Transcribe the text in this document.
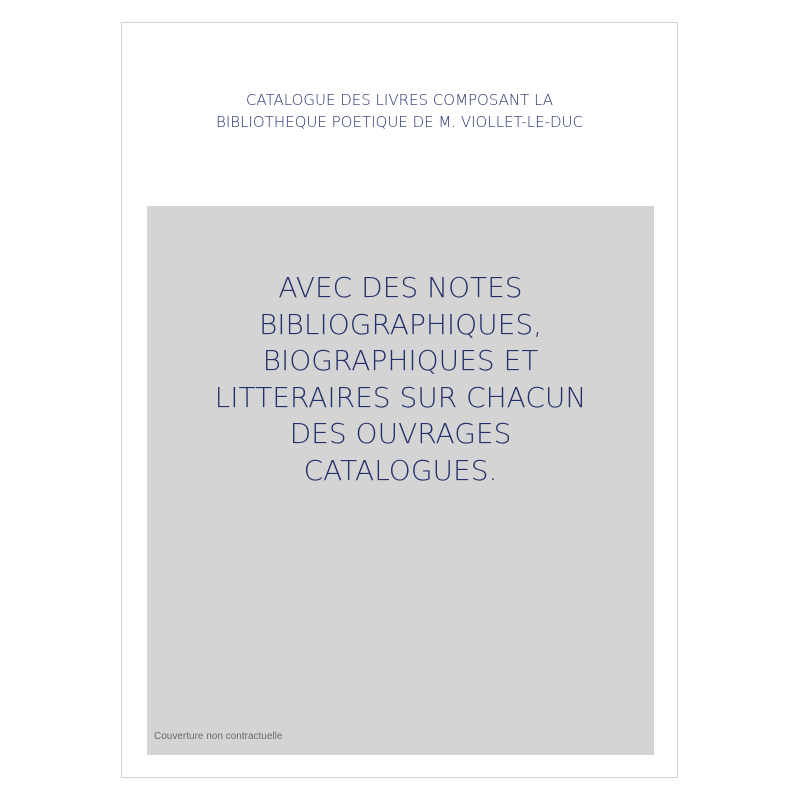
CATALOGUE DES LIVRES COMPOSANT LA
BIBLIOTHEQUE POETIQUE DE M. VIOLLET-LE-DUC
AVEC DES NOTES
BIBLIOGRAPHIQUES,
BIOGRAPHIQUES ET
LITTERAIRES SUR CHACUN
DES OUVRAGES
CATALOGUES.
Couverture non contractuelle
